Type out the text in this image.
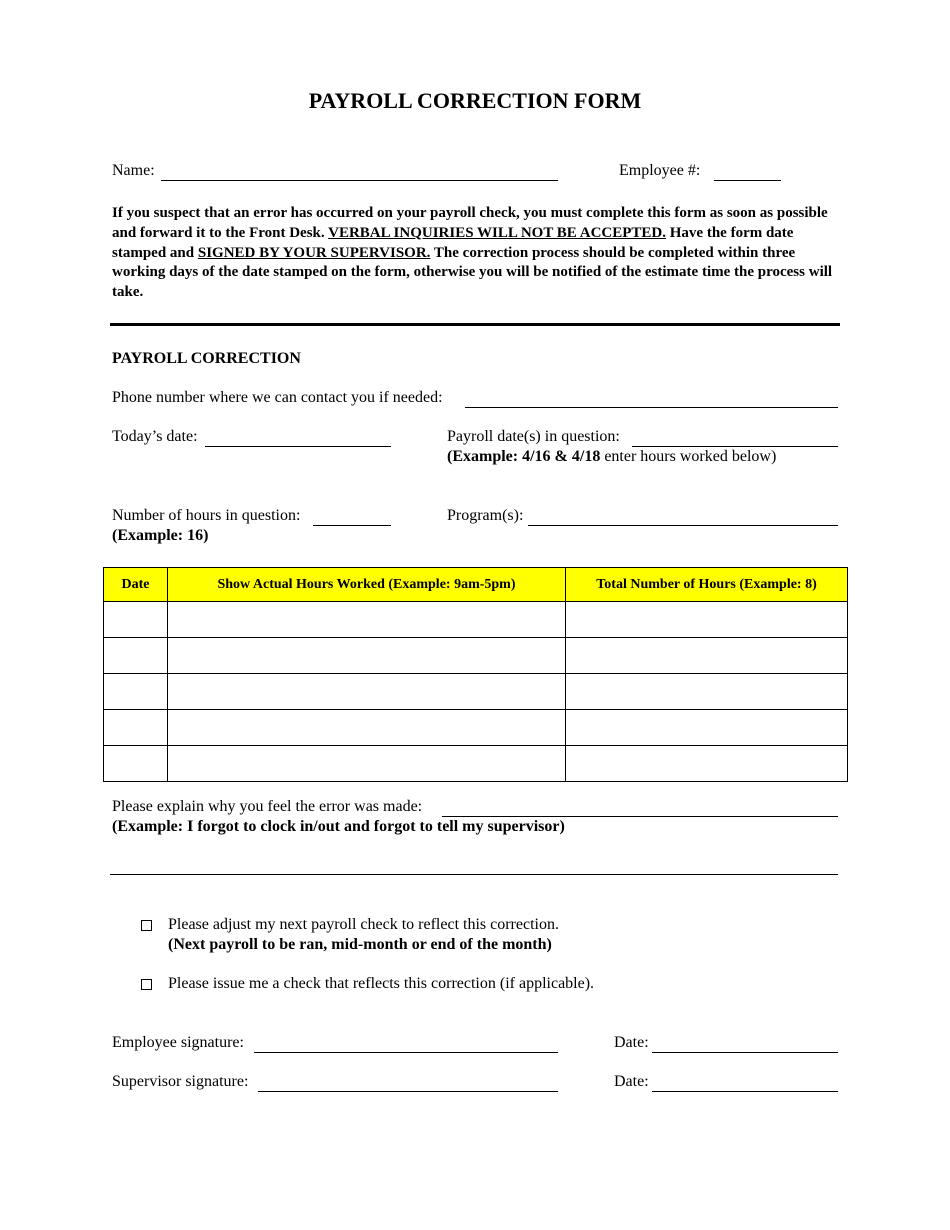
PAYROLL CORRECTION FORM
Name:	Employee #:
If you suspect that an error has occurred on your payroll check, you must complete this form as soon as possible and forward it to the Front Desk. VERBAL INQUIRIES WILL NOT BE ACCEPTED. Have the form date stamped and SIGNED BY YOUR SUPERVISOR. The correction process should be completed within three working days of the date stamped on the form, otherwise you will be notified of the estimate time the process will take.
PAYROLL CORRECTION
Phone number where we can contact you if needed:
Today’s date:	Payroll date(s) in question:
(Example: 4/16 & 4/18 enter hours worked below)
Number of hours in question:
(Example: 16)
Program(s):
Date	Show Actual Hours Worked (Example: 9am-5pm)	Total Number of Hours (Example: 8)

Please explain why you feel the error was made:
(Example: I forgot to clock in/out and forgot to tell my supervisor)
Please adjust my next payroll check to reflect this correction.
(Next payroll to be ran, mid-month or end of the month)
Please issue me a check that reflects this correction (if applicable).
Employee signature:	Date:
Supervisor signature:	Date:
